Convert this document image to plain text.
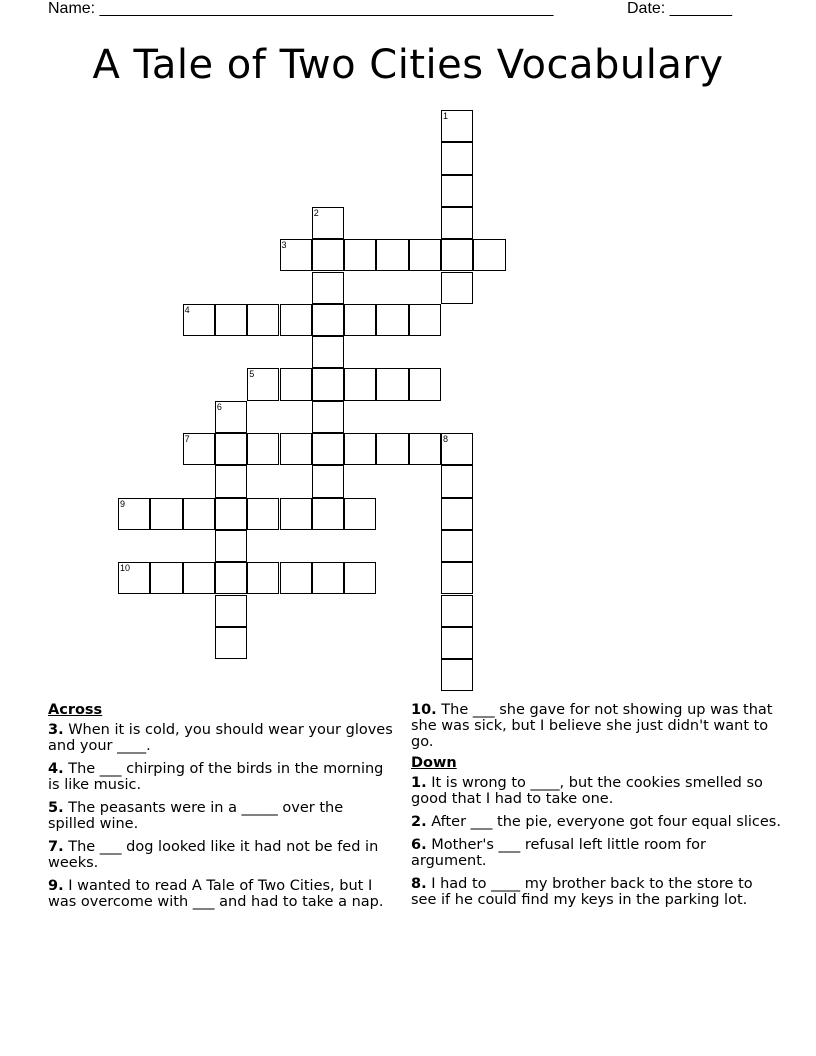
Name: ___________________________________________________	Date: _______
A Tale of Two Cities Vocabulary
1
2
3
4
5
6
7	8
9
10
Across
3. When it is cold, you should wear your gloves and your ____.
4. The ___ chirping of the birds in the morning is like music.
5. The peasants were in a _____ over the spilled wine.
7. The ___ dog looked like it had not be fed in weeks.
9. I wanted to read A Tale of Two Cities, but I was overcome with ___ and had to take a nap.
10. The ___ she gave for not showing up was that she was sick, but I believe she just didn't want to go.
Down
1. It is wrong to ____, but the cookies smelled so good that I had to take one.
2. After ___ the pie, everyone got four equal slices.
6. Mother's ___ refusal left little room for argument.
8. I had to ____ my brother back to the store to see if he could find my keys in the parking lot.
